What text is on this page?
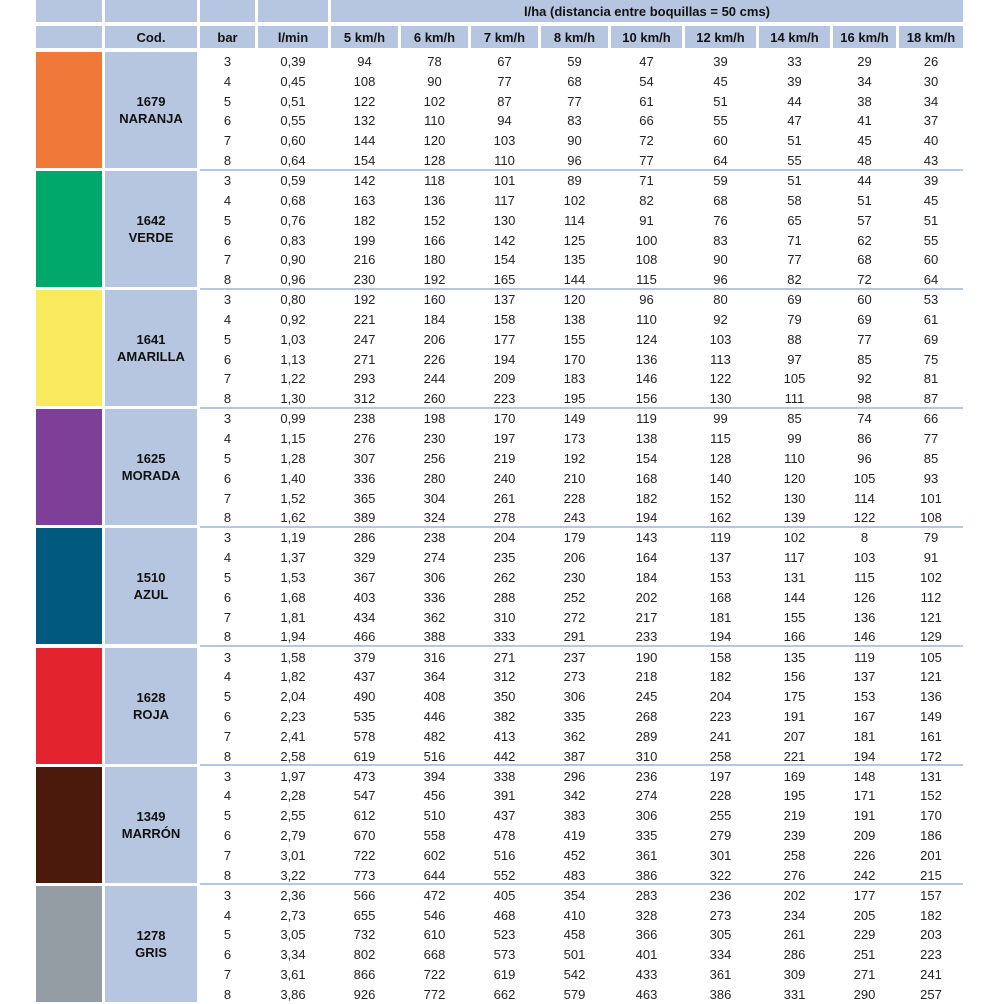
l/ha (distancia entre boquillas = 50 cms)
Cod.	bar	l/min	5 km/h	6 km/h	7 km/h	8 km/h	10 km/h	12 km/h	14 km/h	16 km/h	18 km/h
1679
NARANJA
3	0,39	94	78	67	59	47	39	33	29	26
4	0,45	108	90	77	68	54	45	39	34	30
5	0,51	122	102	87	77	61	51	44	38	34
6	0,55	132	110	94	83	66	55	47	41	37
7	0,60	144	120	103	90	72	60	51	45	40
8	0,64	154	128	110	96	77	64	55	48	43
1642
VERDE
3	0,59	142	118	101	89	71	59	51	44	39
4	0,68	163	136	117	102	82	68	58	51	45
5	0,76	182	152	130	114	91	76	65	57	51
6	0,83	199	166	142	125	100	83	71	62	55
7	0,90	216	180	154	135	108	90	77	68	60
8	0,96	230	192	165	144	115	96	82	72	64
1641
AMARILLA
3	0,80	192	160	137	120	96	80	69	60	53
4	0,92	221	184	158	138	110	92	79	69	61
5	1,03	247	206	177	155	124	103	88	77	69
6	1,13	271	226	194	170	136	113	97	85	75
7	1,22	293	244	209	183	146	122	105	92	81
8	1,30	312	260	223	195	156	130	111	98	87
1625
MORADA
3	0,99	238	198	170	149	119	99	85	74	66
4	1,15	276	230	197	173	138	115	99	86	77
5	1,28	307	256	219	192	154	128	110	96	85
6	1,40	336	280	240	210	168	140	120	105	93
7	1,52	365	304	261	228	182	152	130	114	101
8	1,62	389	324	278	243	194	162	139	122	108
1510
AZUL
3	1,19	286	238	204	179	143	119	102	8	79
4	1,37	329	274	235	206	164	137	117	103	91
5	1,53	367	306	262	230	184	153	131	115	102
6	1,68	403	336	288	252	202	168	144	126	112
7	1,81	434	362	310	272	217	181	155	136	121
8	1,94	466	388	333	291	233	194	166	146	129
1628
ROJA
3	1,58	379	316	271	237	190	158	135	119	105
4	1,82	437	364	312	273	218	182	156	137	121
5	2,04	490	408	350	306	245	204	175	153	136
6	2,23	535	446	382	335	268	223	191	167	149
7	2,41	578	482	413	362	289	241	207	181	161
8	2,58	619	516	442	387	310	258	221	194	172
1349
MARRÓN
3	1,97	473	394	338	296	236	197	169	148	131
4	2,28	547	456	391	342	274	228	195	171	152
5	2,55	612	510	437	383	306	255	219	191	170
6	2,79	670	558	478	419	335	279	239	209	186
7	3,01	722	602	516	452	361	301	258	226	201
8	3,22	773	644	552	483	386	322	276	242	215
1278
GRIS
3	2,36	566	472	405	354	283	236	202	177	157
4	2,73	655	546	468	410	328	273	234	205	182
5	3,05	732	610	523	458	366	305	261	229	203
6	3,34	802	668	573	501	401	334	286	251	223
7	3,61	866	722	619	542	433	361	309	271	241
8	3,86	926	772	662	579	463	386	331	290	257
